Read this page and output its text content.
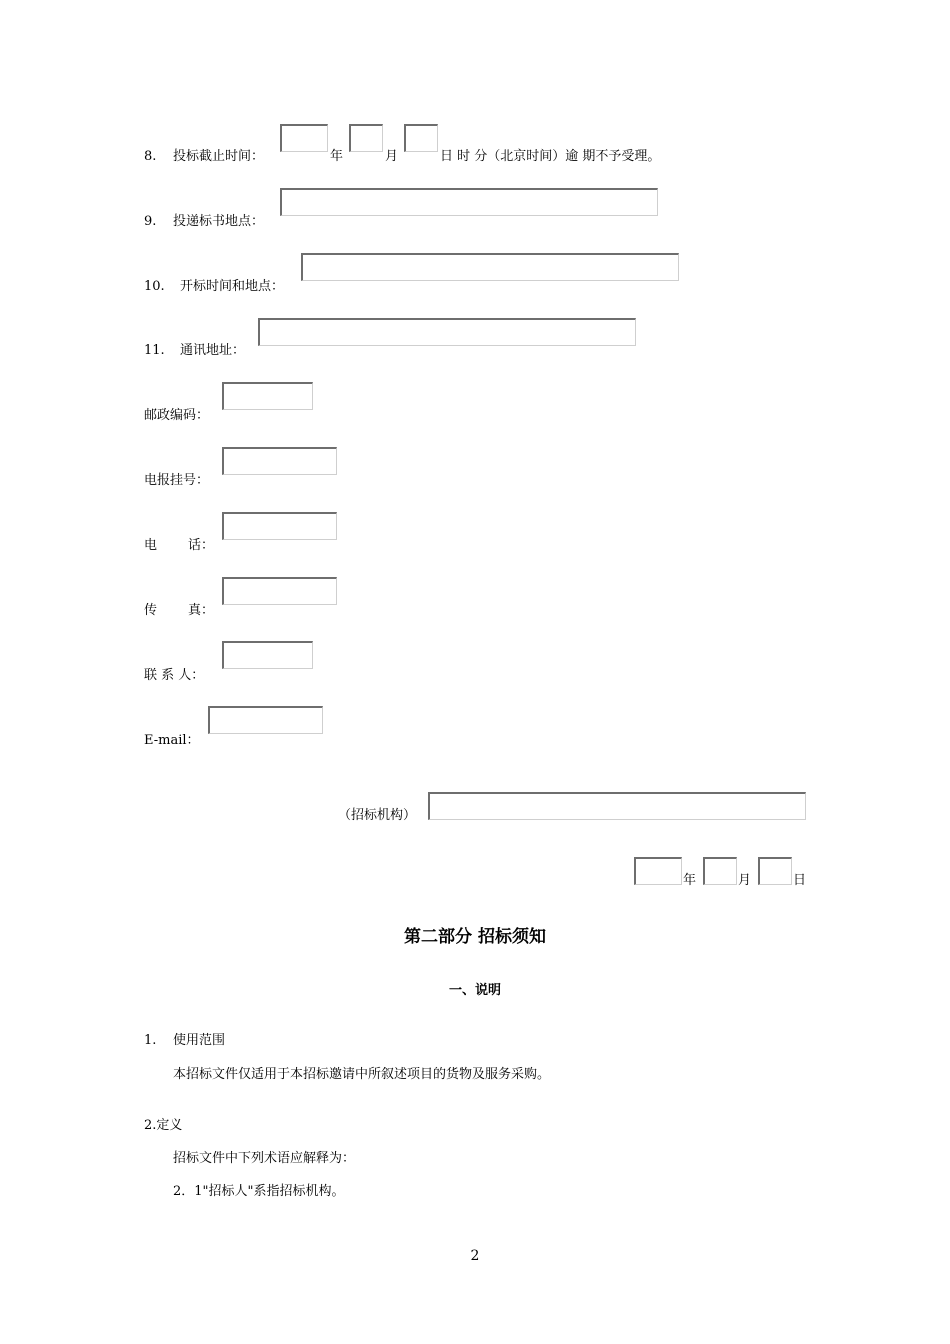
8. 投标截止时间：	年	月	日 时 分（北京时间）逾 期不予受理。
9. 投递标书地点：
10. 开标时间和地点：
11. 通讯地址：
邮政编码：
电报挂号：
电 话：
传 真：
联 系 人：
E-mail：
（招标机构）
年	月	日
第二部分 招标须知
一、说明
1. 使用范围
本招标文件仅适用于本招标邀请中所叙述项目的货物及服务采购。
2.定义
招标文件中下列术语应解释为：
2．1"招标人"系指招标机构。
2
